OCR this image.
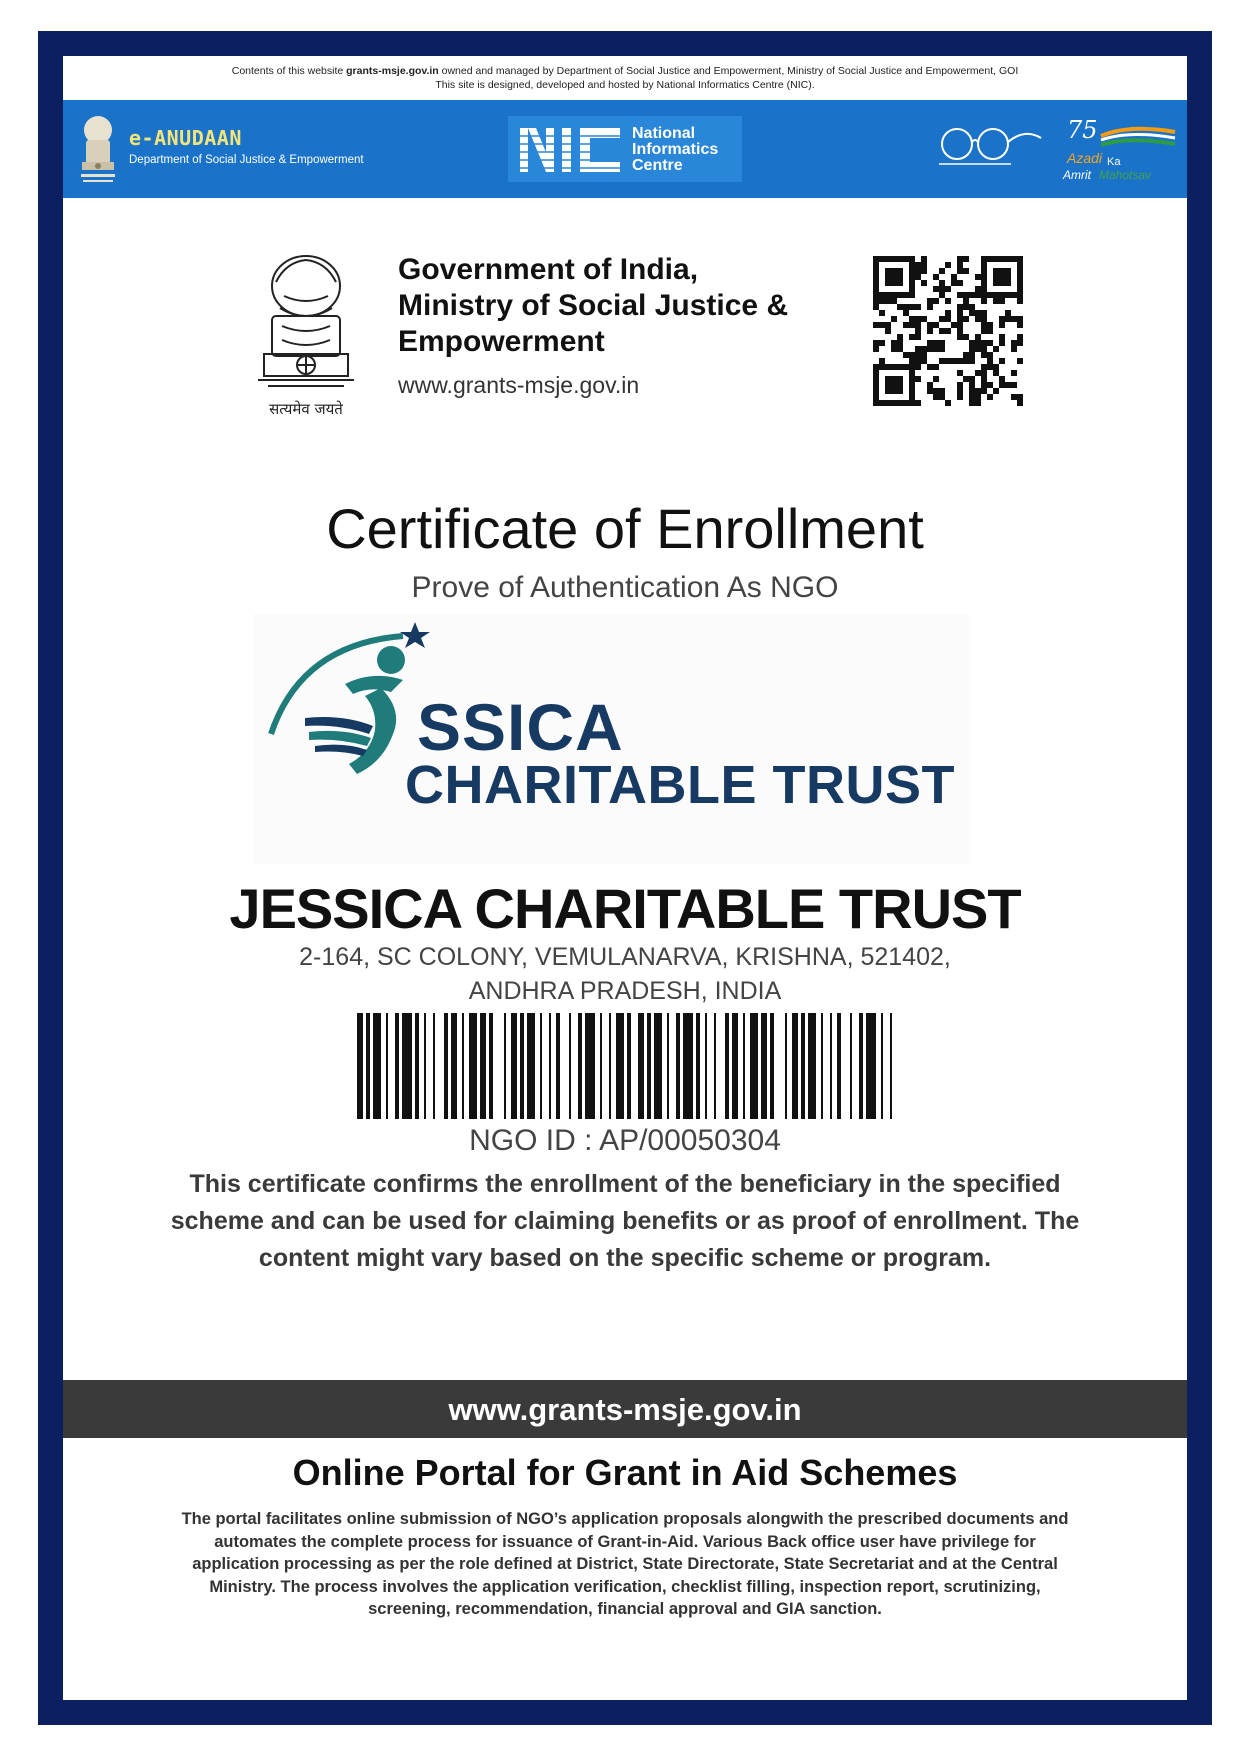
Contents of this website grants-msje.gov.in owned and managed by Department of Social Justice and Empowerment, Ministry of Social Justice and Empowerment, GOI
This site is designed, developed and hosted by National Informatics Centre (NIC).
e-ANUDAAN
Department of Social Justice & Empowerment
National
Informatics
Centre
75
Azadi Ka
Amrit Mahotsav
सत्यमेव जयते
Government of India,
Ministry of Social Justice &
Empowerment
www.grants-msje.gov.in
Certificate of Enrollment
Prove of Authentication As NGO
SSICA
CHARITABLE TRUST
JESSICA CHARITABLE TRUST
2-164, SC COLONY, VEMULANARVA, KRISHNA, 521402,
ANDHRA PRADESH, INDIA
NGO ID : AP/00050304
This certificate confirms the enrollment of the beneficiary in the specified scheme and can be used for claiming benefits or as proof of enrollment. The content might vary based on the specific scheme or program.
www.grants-msje.gov.in
Online Portal for Grant in Aid Schemes
The portal facilitates online submission of NGO’s application proposals alongwith the prescribed documents and automates the complete process for issuance of Grant-in-Aid. Various Back office user have privilege for application processing as per the role defined at District, State Directorate, State Secretariat and at the Central Ministry. The process involves the application verification, checklist filling, inspection report, scrutinizing, screening, recommendation, financial approval and GIA sanction.
